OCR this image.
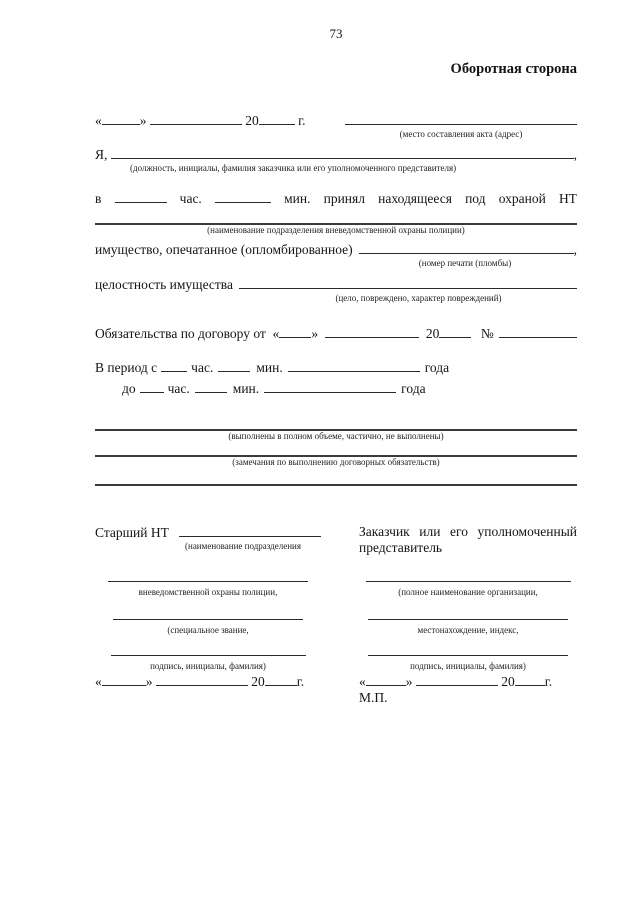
73
Оборотная сторона
«	»	20	г.
(место составления акта (адрес)
Я,	,
(должность, инициалы, фамилия заказчика или его уполномоченного представителя)
в	час.	мин. принял находящееся под охраной НТ
(наименование подразделения вневедомственной охраны полиции)
имущество, опечатанное (опломбированное)	,
(номер печати (пломбы)
целостность имущества
(цело, повреждено, характер повреждений)
Обязательства по договору от « »	20	№
В период с	час.	мин.	года
до час.	мин.	года
(выполнены в полном объеме, частично, не выполнены)
(замечания по выполнению договорных обязательств)
Старший НТ
(наименование подразделения
Заказчик или его уполномоченный представитель
вневедомственной охраны полиции,	(полное наименование организации,
(специальное звание,	местонахождение, индекс,
подпись, инициалы, фамилия)	подпись, инициалы, фамилия)
«	»	20 г.	«	»	20 г.
М.П.
